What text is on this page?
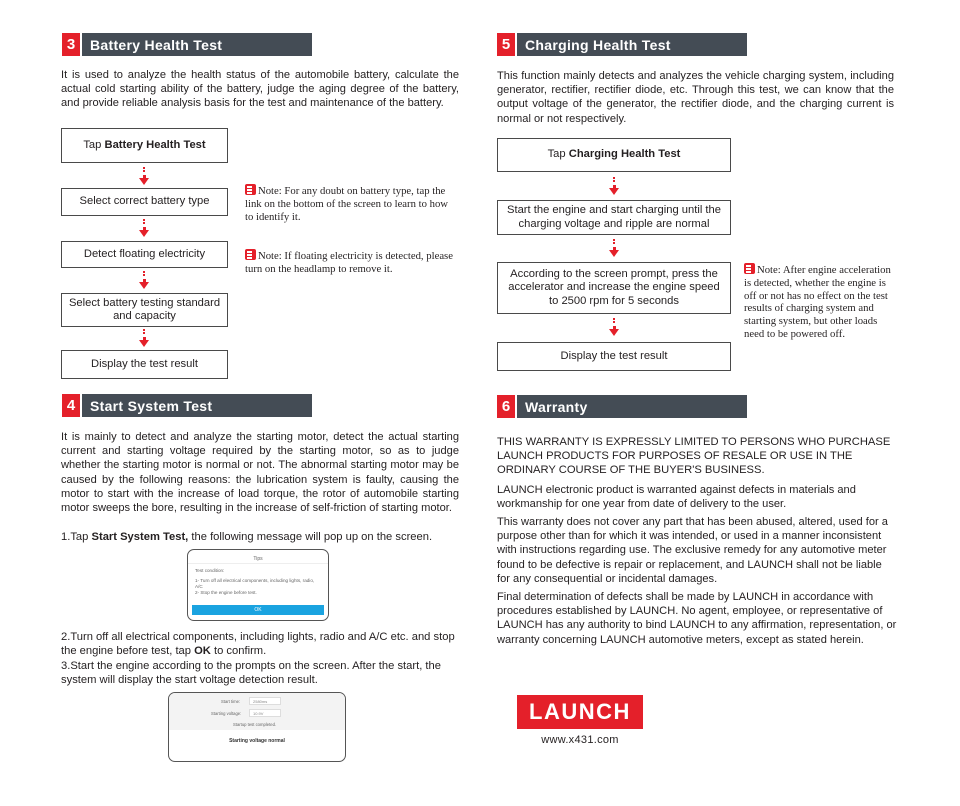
3	Battery Health Test

It is used to analyze the health status of the automobile battery, calculate the actual cold starting ability of the battery, judge the aging degree of the battery, and provide reliable analysis basis for the test and maintenance of the battery.

Tap Battery Health Test
Select correct battery type
Detect floating electricity
Select battery testing standard and capacity
Display the test result
Note: For any doubt on battery type, tap the link on the bottom of the screen to learn to how to identify it.
Note: If floating electricity is detected, please turn on the headlamp to remove it.
4	Start System Test

It is mainly to detect and analyze the starting motor, detect the actual starting current and starting voltage required by the starting motor, so as to judge whether the starting motor is normal or not. The abnormal starting motor may be caused by the following reasons: the lubrication system is faulty, causing the motor to start with the increase of load torque, the rotor of automobile starting motor sweeps the bore, resulting in the increase of self-friction of starting motor.

1.Tap Start System Test, the following message will pop up on the screen.
Tips
Test condition:
1- Turn off all electrical components, including lights, radio, A/C
2- Stop the engine before test.
OK
2.Turn off all electrical components, including lights, radio and A/C etc. and stop the engine before test, tap OK to confirm.
3.Start the engine according to the prompts on the screen. After the start, the system will display the start voltage detection result.
Start time:	2580ms
Starting voltage:	10.9V
Startup test completed.
Starting voltage normal
5	Charging Health Test

This function mainly detects and analyzes the vehicle charging system, including generator, rectifier, rectifier diode, etc. Through this test, we can know that the output voltage of the generator, the rectifier diode, and the charging current is normal or not respectively.

Tap Charging Health Test
Start the engine and start charging until the charging voltage and ripple are normal
According to the screen prompt, press the accelerator and increase the engine speed to 2500 rpm for 5 seconds
Display the test result
Note: After engine acceleration is detected, whether the engine is off or not has no effect on the test results of charging system and starting system, but other loads need to be powered off.
6	Warranty

THIS WARRANTY IS EXPRESSLY LIMITED TO PERSONS WHO PURCHASE LAUNCH PRODUCTS FOR PURPOSES OF RESALE OR USE IN THE ORDINARY COURSE OF THE BUYER'S BUSINESS.

LAUNCH electronic product is warranted against defects in materials and workmanship for one year from date of delivery to the user.

This warranty does not cover any part that has been abused, altered, used for a purpose other than for which it was intended, or used in a manner inconsistent with instructions regarding use. The exclusive remedy for any automotive meter found to be defective is repair or replacement, and LAUNCH shall not be liable for any consequential or incidental damages.

Final determination of defects shall be made by LAUNCH in accordance with procedures established by LAUNCH. No agent, employee, or representative of LAUNCH has any authority to bind LAUNCH to any affirmation, representation, or warranty concerning LAUNCH automotive meters, except as stated herein.

LAUNCH
www.x431.com
